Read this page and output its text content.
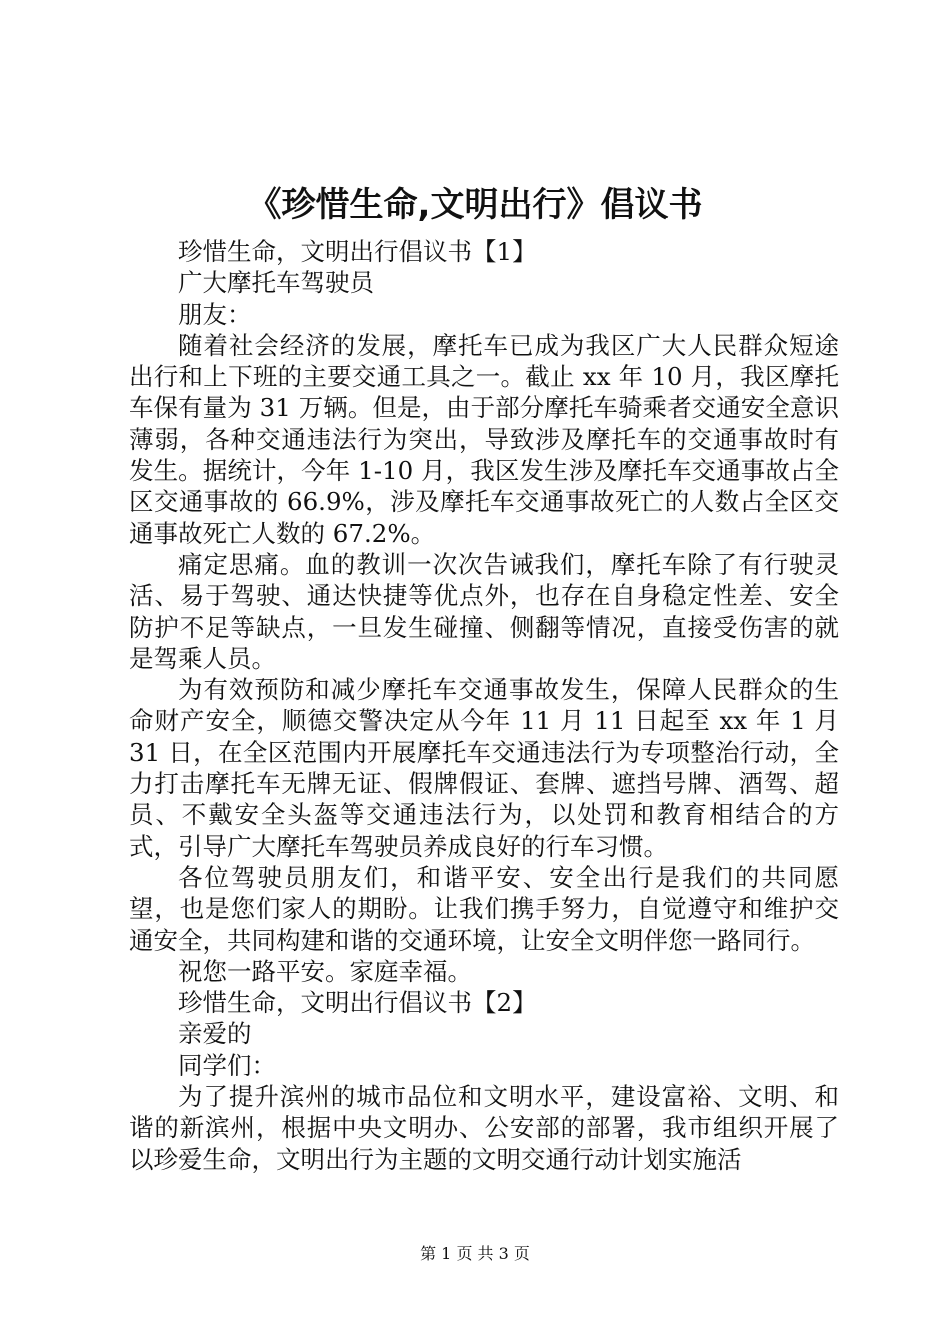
《珍惜生命,文明出行》倡议书

珍惜生命，文明出行倡议书【1】

广大摩托车驾驶员

朋友：

随着社会经济的发展，摩托车已成为我区广大人民群众短途出行和上下班的主要交通工具之一。截止 xx 年 10 月，我区摩托车保有量为 31 万辆。但是，由于部分摩托车骑乘者交通安全意识薄弱，各种交通违法行为突出，导致涉及摩托车的交通事故时有发生。据统计，今年 1-10 月，我区发生涉及摩托车交通事故占全区交通事故的 66.9%，涉及摩托车交通事故死亡的人数占全区交通事故死亡人数的 67.2%。

痛定思痛。血的教训一次次告诫我们，摩托车除了有行驶灵活、易于驾驶、通达快捷等优点外，也存在自身稳定性差、安全防护不足等缺点，一旦发生碰撞、侧翻等情况，直接受伤害的就是驾乘人员。

为有效预防和减少摩托车交通事故发生，保障人民群众的生命财产安全，顺德交警决定从今年 11 月 11 日起至 xx 年 1 月 31 日，在全区范围内开展摩托车交通违法行为专项整治行动，全力打击摩托车无牌无证、假牌假证、套牌、遮挡号牌、酒驾、超员、不戴安全头盔等交通违法行为，以处罚和教育相结合的方式，引导广大摩托车驾驶员养成良好的行车习惯。

各位驾驶员朋友们，和谐平安、安全出行是我们的共同愿望，也是您们家人的期盼。让我们携手努力，自觉遵守和维护交通安全，共同构建和谐的交通环境，让安全文明伴您一路同行。

祝您一路平安。家庭幸福。

珍惜生命，文明出行倡议书【2】

亲爱的

同学们：

为了提升滨州的城市品位和文明水平，建设富裕、文明、和谐的新滨州，根据中央文明办、公安部的部署，我市组织开展了以珍爱生命，文明出行为主题的文明交通行动计划实施活

第 1 页 共 3 页
